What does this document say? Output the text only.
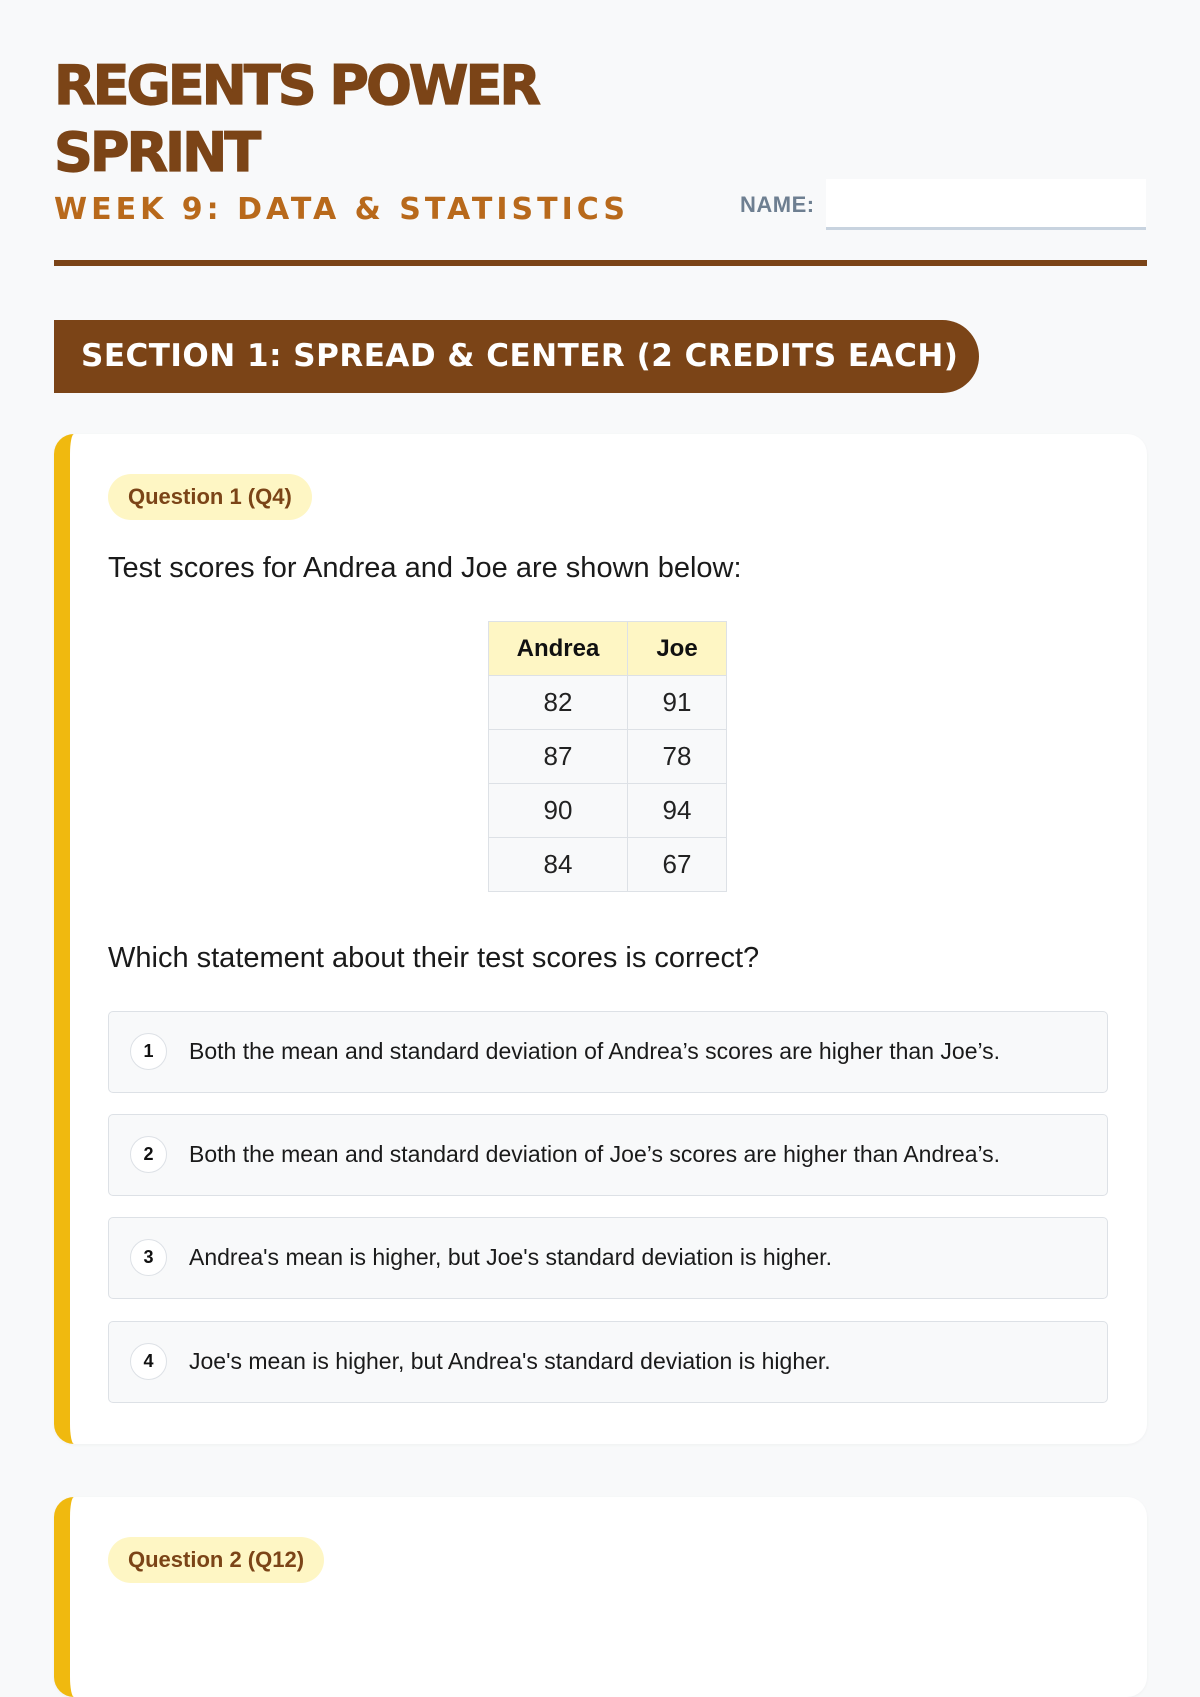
REGENTS POWER SPRINT
WEEK 9: DATA & STATISTICS	NAME:
SECTION 1: SPREAD & CENTER (2 CREDITS EACH)
Question 1 (Q4)
Test scores for Andrea and Joe are shown below:
Andrea	Joe
82	91
87	78
90	94
84	67
Which statement about their test scores is correct?
1	Both the mean and standard deviation of Andrea’s scores are higher than Joe’s.
2	Both the mean and standard deviation of Joe’s scores are higher than Andrea’s.
3	Andrea's mean is higher, but Joe's standard deviation is higher.
4	Joe's mean is higher, but Andrea's standard deviation is higher.
Question 2 (Q12)
